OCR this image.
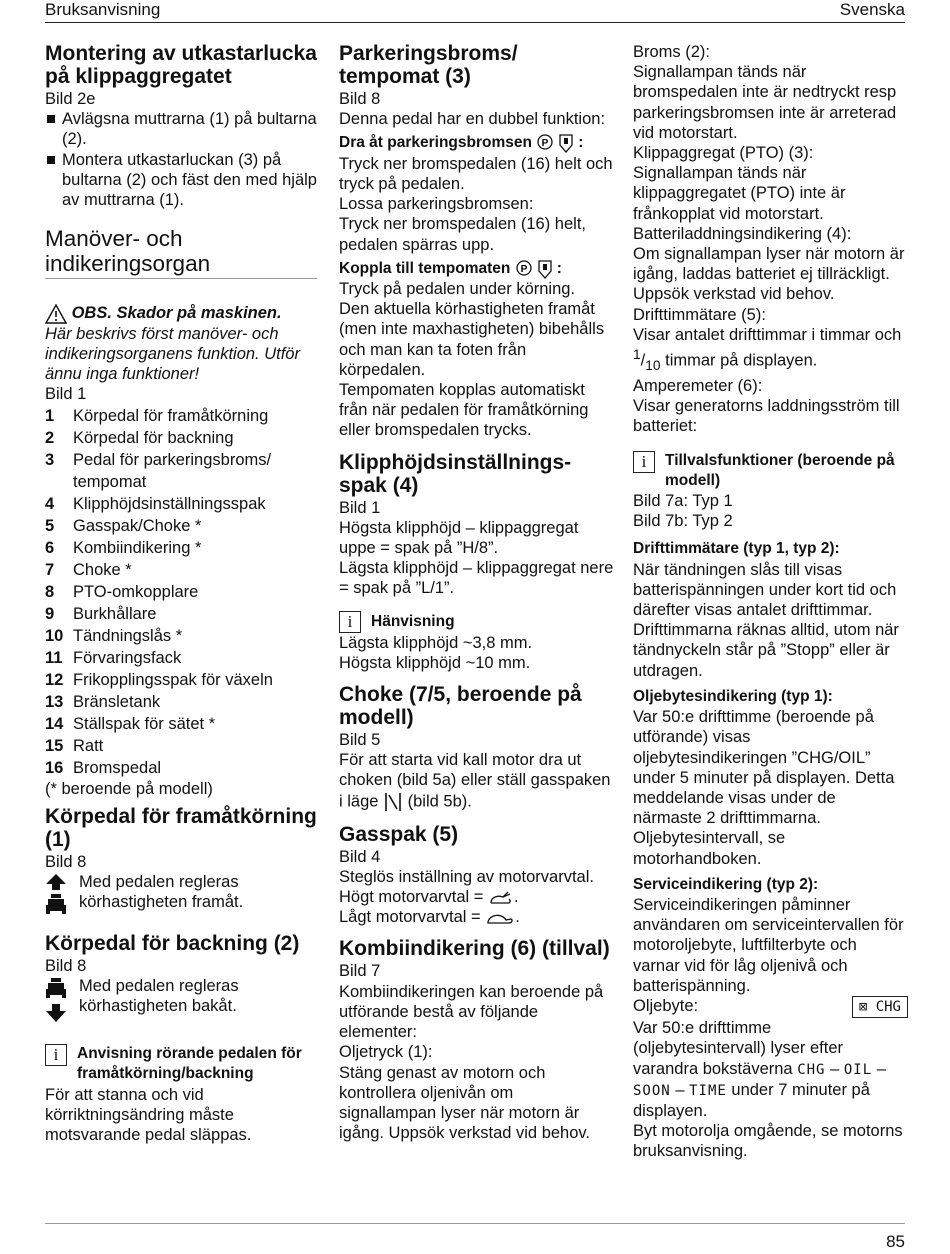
Bruksanvisning	Svenska
Montering av utkastarlucka på klippaggregatet

Bild 2e

Avlägsna muttrarna (1) på bultarna (2).
Montera utkastarluckan (3) på bultarna (2) och fäst den med hjälp av muttrarna (1).
Manöver- och indikeringsorgan

OBS. Skador på maskinen.

Här beskrivs först manöver- och indikeringsorganens funktion. Utför ännu inga funktioner!

Bild 1

1	Körpedal för framåtkörning
2	Körpedal för backning
3	Pedal för parkeringsbroms/ tempomat
4	Klipphöjdsinställningsspak
5	Gasspak/Choke *
6	Kombiindikering *
7	Choke *
8	PTO-omkopplare
9	Burkhållare
10 Tändningslås *
11 Förvaringsfack
12 Frikopplingsspak för växeln
13 Bränsletank
14 Ställspak för sätet *
15 Ratt
16 Bromspedal

(* beroende på modell)

Körpedal för framåtkörning (1)

Bild 8

Med pedalen regleras körhastigheten framåt.

Körpedal för backning (2)

Bild 8

Med pedalen regleras körhastigheten bakåt.

i	Anvisning rörande pedalen för framåtkörning/backning

För att stanna och vid körriktningsändring måste motsvarande pedal släppas.

Parkeringsbroms/ tempomat (3)

Bild 8

Denna pedal har en dubbel funktion:

Dra åt parkeringsbromsen P :

Tryck ner bromspedalen (16) helt och tryck på pedalen.

Lossa parkeringsbromsen:

Tryck ner bromspedalen (16) helt, pedalen spärras upp.

Koppla till tempomaten P :

Tryck på pedalen under körning.

Den aktuella körhastigheten framåt (men inte maxhastigheten) bibehålls och man kan ta foten från körpedalen.

Tempomaten kopplas automatiskt från när pedalen för framåtkörning eller bromspedalen trycks.

Klipphöjdsinställnings-spak (4)

Bild 1

Högsta klipphöjd – klippaggregat uppe = spak på ”H/8”.

Lägsta klipphöjd – klippaggregat nere = spak på ”L/1”.

i	Hänvisning

Lägsta klipphöjd ~3,8 mm.

Högsta klipphöjd ~10 mm.

Choke (7/5, beroende på modell)

Bild 5

För att starta vid kall motor dra ut choken (bild 5a) eller ställ gasspaken i läge (bild 5b).

Gasspak (5)

Bild 4

Steglös inställning av motorvarvtal.

Högt motorvarvtal = .

Lågt motorvarvtal = .

Kombiindikering (6) (tillval)

Bild 7

Kombiindikeringen kan beroende på utförande bestå av följande elementer:

Oljetryck (1):

Stäng genast av motorn och kontrollera oljenivån om signallampan lyser när motorn är igång. Uppsök verkstad vid behov.

Broms (2):

Signallampan tänds när bromspedalen inte är nedtryckt resp parkeringsbromsen inte är arreterad vid motorstart.

Klippaggregat (PTO) (3):

Signallampan tänds när klippaggregatet (PTO) inte är frånkopplat vid motorstart.

Batteriladdningsindikering (4):

Om signallampan lyser när motorn är igång, laddas batteriet ej tillräckligt. Uppsök verkstad vid behov.

Drifttimmätare (5):

Visar antalet drifttimmar i timmar och $^1/_{10}$ timmar på displayen.

Amperemeter (6):

Visar generatorns laddningsström till batteriet:

i	Tillvalsfunktioner (beroende på modell)

Bild 7a: Typ 1

Bild 7b: Typ 2

Drifttimmätare (typ 1, typ 2):

När tändningen slås till visas batterispänningen under kort tid och därefter visas antalet drifttimmar.

Drifttimmarna räknas alltid, utom när tändnyckeln står på ”Stopp” eller är utdragen.

Oljebytesindikering (typ 1):

Var 50:e drifttimme (beroende på utförande) visas oljebytesindikeringen ”CHG/OIL” under 5 minuter på displayen. Detta meddelande visas under de närmaste 2 drifttimmarna.

Oljebytesintervall, se motorhandboken.

Serviceindikering (typ 2):

Serviceindikeringen påminner användaren om serviceintervallen för motoroljebyte, luftfilterbyte och varnar vid för låg oljenivå och batterispänning.

Oljebyte:	⊠ CHG

Var 50:e drifttimme (oljebytesintervall) lyser efter varandra bokstäverna CHG – OIL – SOON – TIME under 7 minuter på displayen.

Byt motorolja omgående, se motorns bruksanvisning.

85
